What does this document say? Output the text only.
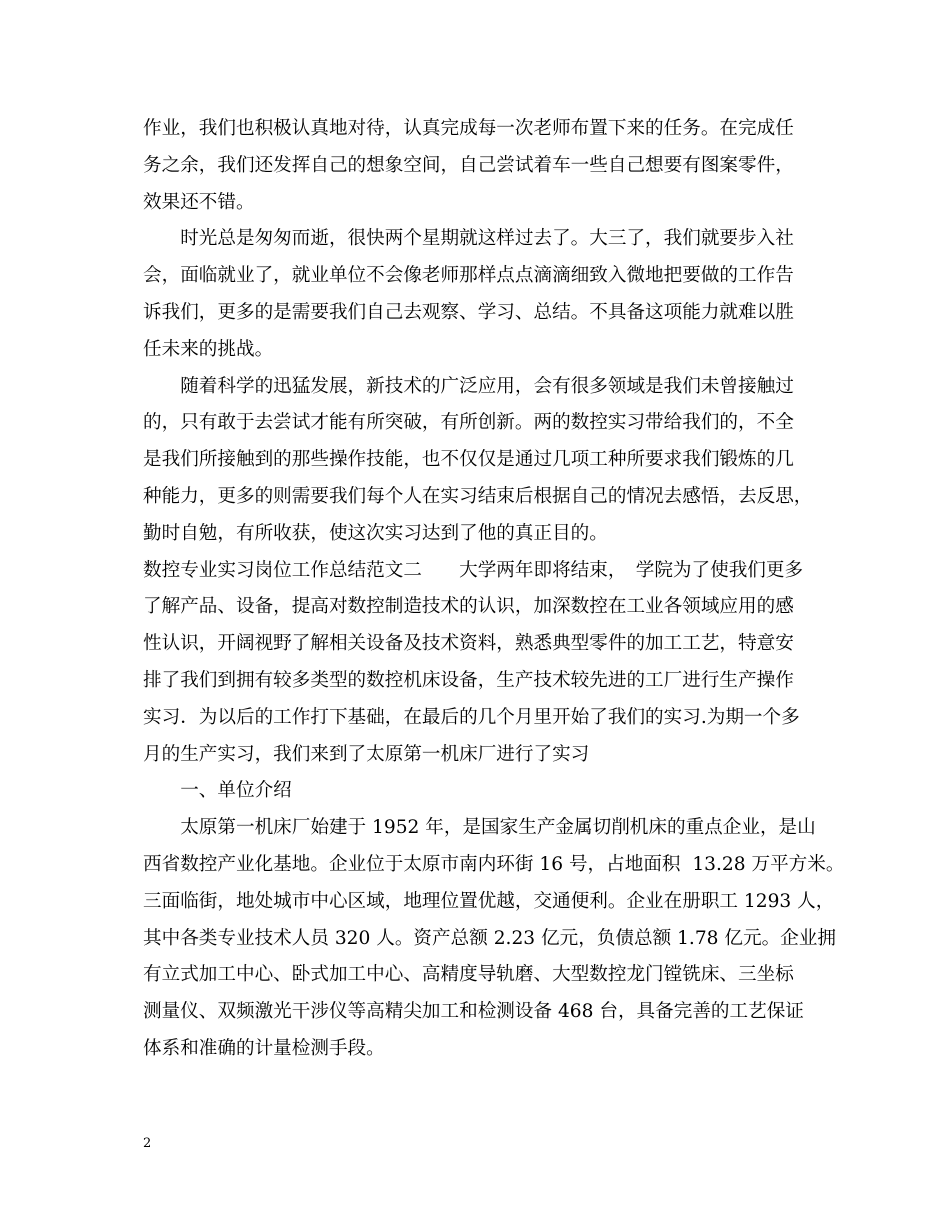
作业，我们也积极认真地对待，认真完成每一次老师布置下来的任务。在完成任
务之余，我们还发挥自己的想象空间，自己尝试着车一些自己想要有图案零件，
效果还不错。
　　时光总是匆匆而逝，很快两个星期就这样过去了。大三了，我们就要步入社
会，面临就业了，就业单位不会像老师那样点点滴滴细致入微地把要做的工作告
诉我们，更多的是需要我们自己去观察、学习、总结。不具备这项能力就难以胜
任未来的挑战。
　　随着科学的迅猛发展，新技术的广泛应用，会有很多领域是我们未曾接触过
的，只有敢于去尝试才能有所突破，有所创新。两的数控实习带给我们的，不全
是我们所接触到的那些操作技能，也不仅仅是通过几项工种所要求我们锻炼的几
种能力，更多的则需要我们每个人在实习结束后根据自己的情况去感悟，去反思，
勤时自勉，有所收获，使这次实习达到了他的真正目的。
数控专业实习岗位工作总结范文二　　大学两年即将结束，　学院为了使我们更多
了解产品、设备，提高对数控制造技术的认识，加深数控在工业各领域应用的感
性认识，开阔视野了解相关设备及技术资料，熟悉典型零件的加工工艺，特意安
排了我们到拥有较多类型的数控机床设备，生产技术较先进的工厂进行生产操作
实习．为以后的工作打下基础，在最后的几个月里开始了我们的实习.为期一个多
月的生产实习，我们来到了太原第一机床厂进行了实习
　　一、单位介绍
　　太原第一机床厂始建于 1952 年，是国家生产金属切削机床的重点企业，是山
西省数控产业化基地。企业位于太原市南内环街 16 号，占地面积  13.28 万平方米。
三面临街，地处城市中心区域，地理位置优越，交通便利。企业在册职工 1293 人，
其中各类专业技术人员 320 人。资产总额 2.23 亿元，负债总额 1.78 亿元。企业拥
有立式加工中心、卧式加工中心、高精度导轨磨、大型数控龙门镗铣床、三坐标
测量仪、双频激光干涉仪等高精尖加工和检测设备 468 台，具备完善的工艺保证
体系和准确的计量检测手段。
2
